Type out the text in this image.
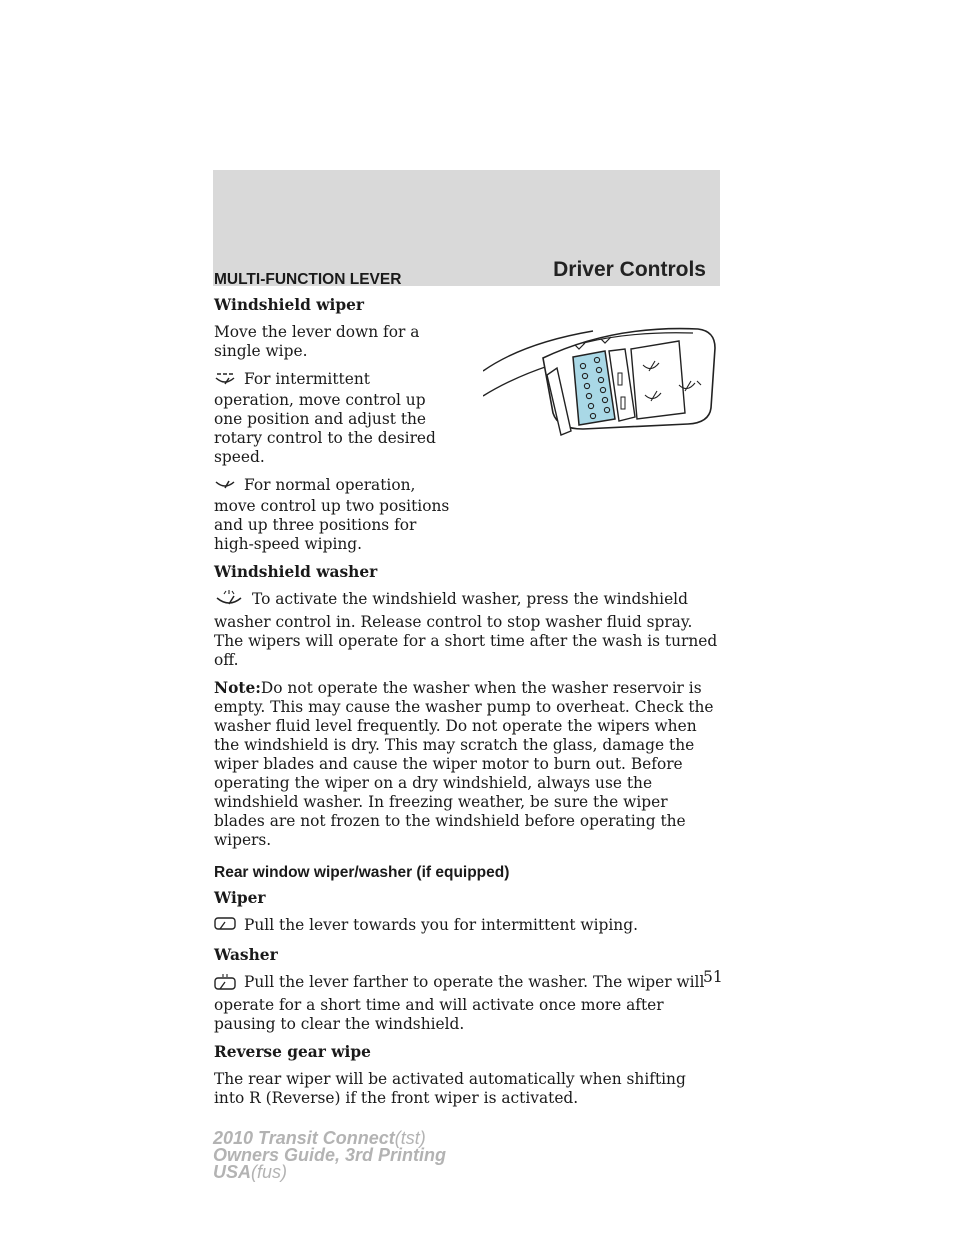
Driver Controls
MULTI-FUNCTION LEVER
Windshield wiper

Move the lever down for a single wipe.

For intermittent operation, move control up one position and adjust the rotary control to the desired speed.

For normal operation, move control up two positions and up three positions for high-speed wiping.

Windshield washer

To activate the windshield washer, press the windshield washer control in. Release control to stop washer fluid spray. The wipers will operate for a short time after the wash is turned off.

Note:Do not operate the washer when the washer reservoir is empty. This may cause the washer pump to overheat. Check the washer fluid level frequently. Do not operate the wipers when the windshield is dry. This may scratch the glass, damage the wiper blades and cause the wiper motor to burn out. Before operating the wiper on a dry windshield, always use the windshield washer. In freezing weather, be sure the wiper blades are not frozen to the windshield before operating the wipers.

Rear window wiper/washer (if equipped)
Wiper

Pull the lever towards you for intermittent wiping.

Washer

Pull the lever farther to operate the washer. The wiper will operate for a short time and will activate once more after pausing to clear the windshield.

Reverse gear wipe

The rear wiper will be activated automatically when shifting into R (Reverse) if the front wiper is activated.

51
2010 Transit Connect(tst)
Owners Guide, 3rd Printing
USA(fus)
